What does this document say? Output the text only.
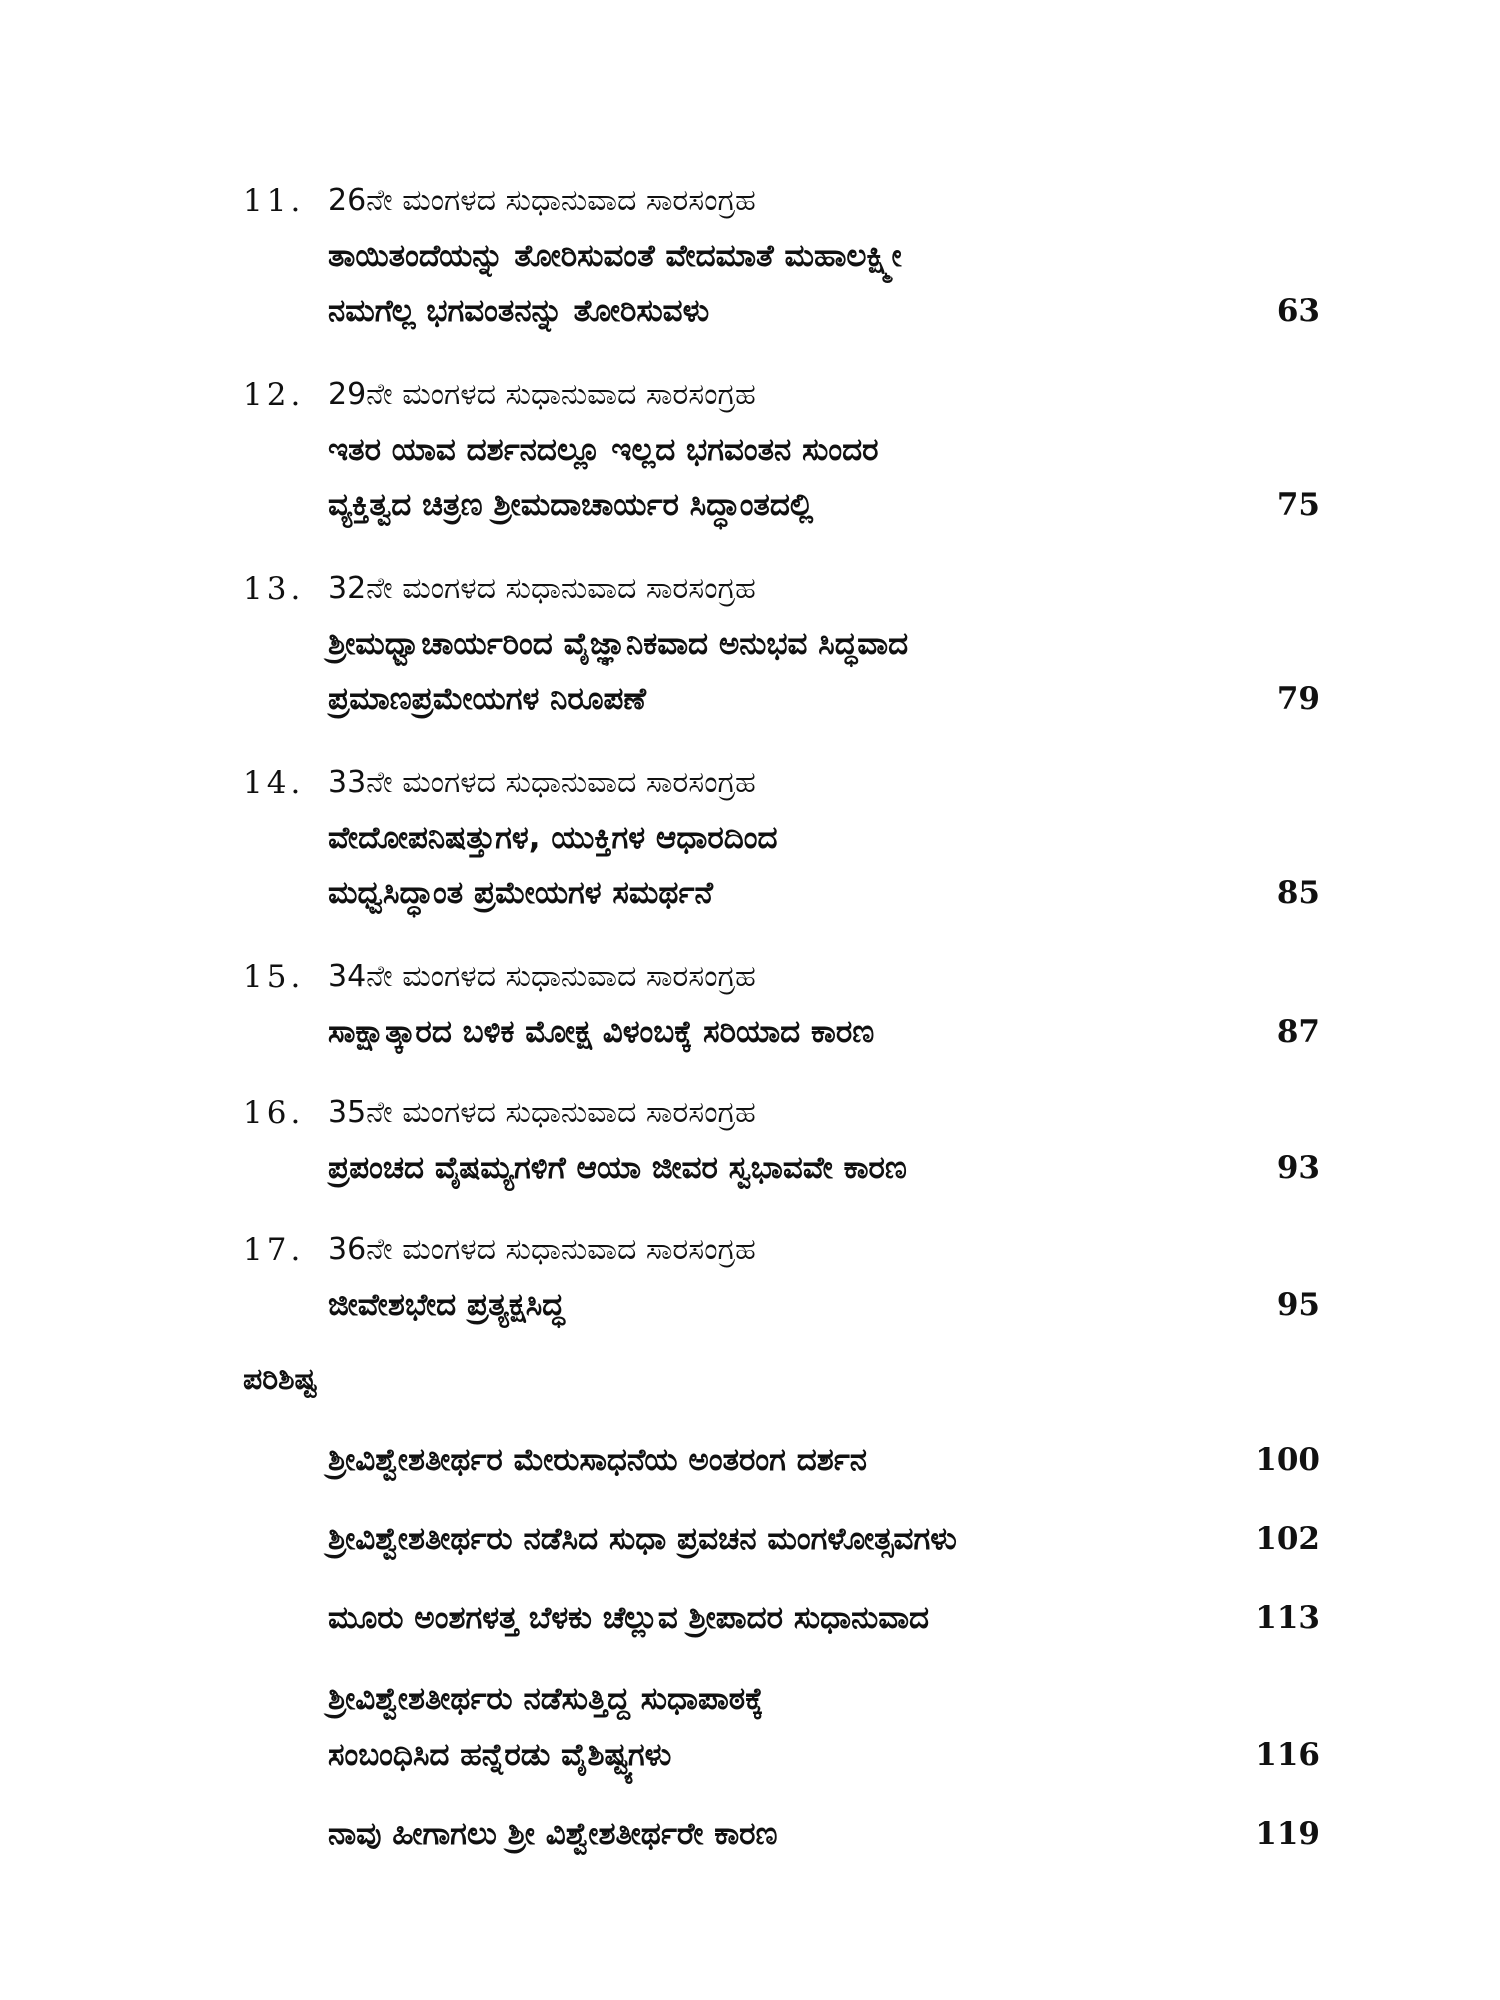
11. 26ನೇ ಮಂಗಳದ ಸುಧಾನುವಾದ ಸಾರಸಂಗ್ರಹ
ತಾಯಿತಂದೆಯನ್ನು ತೋರಿಸುವಂತೆ ವೇದಮಾತೆ ಮಹಾಲಕ್ಷ್ಮೀ
ನಮಗೆಲ್ಲ ಭಗವಂತನನ್ನು ತೋರಿಸುವಳು	63
12. 29ನೇ ಮಂಗಳದ ಸುಧಾನುವಾದ ಸಾರಸಂಗ್ರಹ
ಇತರ ಯಾವ ದರ್ಶನದಲ್ಲೂ ಇಲ್ಲದ ಭಗವಂತನ ಸುಂದರ
ವ್ಯಕ್ತಿತ್ವದ ಚಿತ್ರಣ ಶ್ರೀಮದಾಚಾರ್ಯರ ಸಿದ್ಧಾಂತದಲ್ಲಿ	75
13. 32ನೇ ಮಂಗಳದ ಸುಧಾನುವಾದ ಸಾರಸಂಗ್ರಹ
ಶ್ರೀಮಧ್ವಾಚಾರ್ಯರಿಂದ ವೈಜ್ಞಾನಿಕವಾದ ಅನುಭವ ಸಿದ್ಧವಾದ
ಪ್ರಮಾಣಪ್ರಮೇಯಗಳ ನಿರೂಪಣೆ	79
14. 33ನೇ ಮಂಗಳದ ಸುಧಾನುವಾದ ಸಾರಸಂಗ್ರಹ
ವೇದೋಪನಿಷತ್ತುಗಳ, ಯುಕ್ತಿಗಳ ಆಧಾರದಿಂದ
ಮಧ್ವಸಿದ್ಧಾಂತ ಪ್ರಮೇಯಗಳ ಸಮರ್ಥನೆ	85
15. 34ನೇ ಮಂಗಳದ ಸುಧಾನುವಾದ ಸಾರಸಂಗ್ರಹ
ಸಾಕ್ಷಾತ್ಕಾರದ ಬಳಿಕ ಮೋಕ್ಷ ವಿಳಂಬಕ್ಕೆ ಸರಿಯಾದ ಕಾರಣ	87
16. 35ನೇ ಮಂಗಳದ ಸುಧಾನುವಾದ ಸಾರಸಂಗ್ರಹ
ಪ್ರಪಂಚದ ವೈಷಮ್ಯಗಳಿಗೆ ಆಯಾ ಜೀವರ ಸ್ವಭಾವವೇ ಕಾರಣ	93
17. 36ನೇ ಮಂಗಳದ ಸುಧಾನುವಾದ ಸಾರಸಂಗ್ರಹ
ಜೀವೇಶಭೇದ ಪ್ರತ್ಯಕ್ಷಸಿದ್ಧ	95
ಪರಿಶಿಷ್ಟ
ಶ್ರೀವಿಶ್ವೇಶತೀರ್ಥರ ಮೇರುಸಾಧನೆಯ ಅಂತರಂಗ ದರ್ಶನ	100
ಶ್ರೀವಿಶ್ವೇಶತೀರ್ಥರು ನಡೆಸಿದ ಸುಧಾ ಪ್ರವಚನ ಮಂಗಳೋತ್ಸವಗಳು	102
ಮೂರು ಅಂಶಗಳತ್ತ ಬೆಳಕು ಚೆಲ್ಲುವ ಶ್ರೀಪಾದರ ಸುಧಾನುವಾದ	113
ಶ್ರೀವಿಶ್ವೇಶತೀರ್ಥರು ನಡೆಸುತ್ತಿದ್ದ ಸುಧಾಪಾಠಕ್ಕೆ
ಸಂಬಂಧಿಸಿದ ಹನ್ನೆರಡು ವೈಶಿಷ್ಟ್ಯಗಳು	116
ನಾವು ಹೀಗಾಗಲು ಶ್ರೀ ವಿಶ್ವೇಶತೀರ್ಥರೇ ಕಾರಣ	119
